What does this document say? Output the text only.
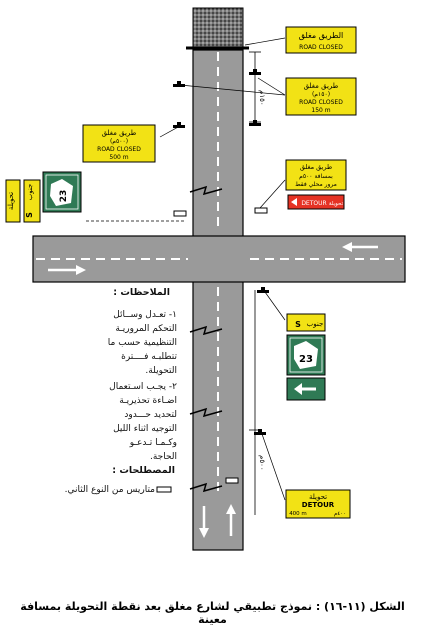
١٥٠م
٥٠٠م
الطريق مغلق
ROAD CLOSED
طريق مغلق
(١٥٠م)
ROAD CLOSED
150 m
طريق مغلق
(٥٠٠م)
ROAD CLOSED
500 m
طريق مغلق
بمسافة ٥٠٠م
مرور محلي فقط
DETOUR تحويلة
تحويلة جنوب
S
23
S جنوب
23
تحويلة
DETOUR
400 m	٤٠٠م
الملاحظات :
١- تعـدل وســائل
التحكم المروريـة
التنظيمية حسب ما
تتطلبـه فــــترة
التحويلة.
٢- يجـب اسـتعمال
اضـاءة تحذيريـة
لتحديد حـــدود
التوجيه اثناء الليل
وكـمـا تـدعـو
الحاجة.
المصطلحات :
متاريس من النوع الثاني.
الشكل (١١-١٦) : نموذج تطبيقي لشارع مغلق بعد نقطة التحويلة بمسافة معينة
